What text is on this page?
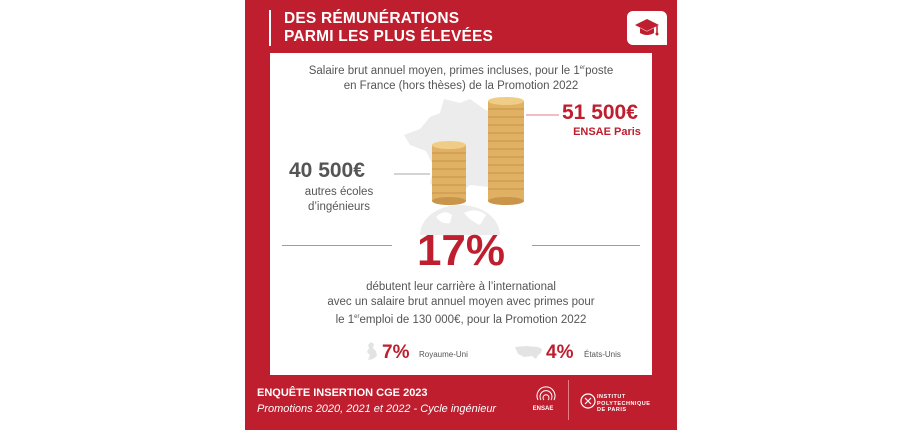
DES RÉMUNÉRATIONS
PARMI LES PLUS ÉLEVÉES
Salaire brut annuel moyen, primes incluses, pour le 1erposte
en France (hors thèses) de la Promotion 2022
51 500€
ENSAE Paris
40 500€
autres écoles
d’ingénieurs
17%
débutent leur carrière à l’international
avec un salaire brut annuel moyen avec primes pour
le 1eremploi de 130 000€, pour la Promotion 2022
7% Royaume-Uni	4% États-Unis
ENQUÊTE INSERTION CGE 2023
Promotions 2020, 2021 et 2022 - Cycle ingénieur	ENSAE
INSTITUT
POLYTECHNIQUE
DE PARIS
